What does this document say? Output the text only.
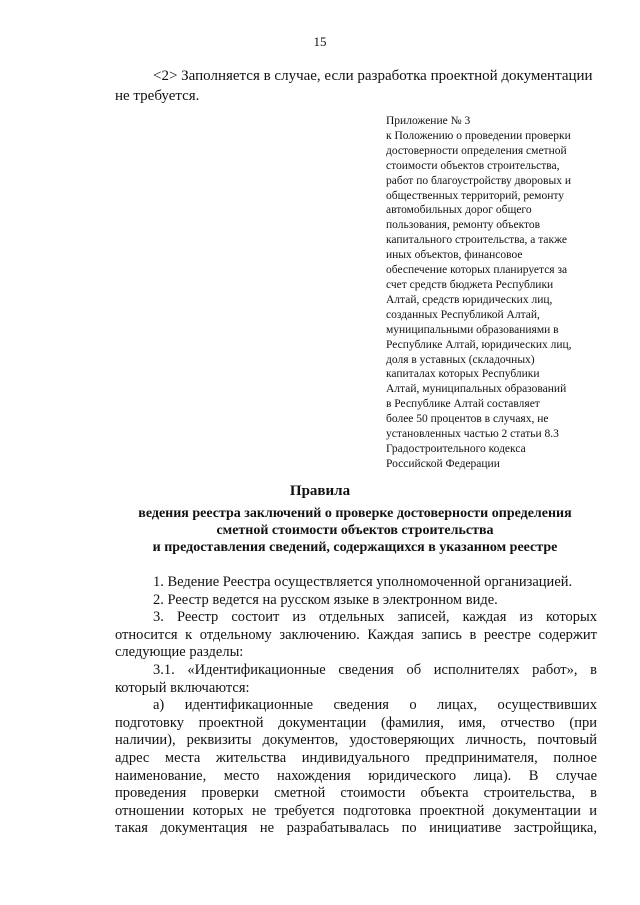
15
<2> Заполняется в случае, если разработка проектной документации
не требуется.
Приложение № 3
к Положению о проведении проверки
достоверности определения сметной
стоимости объектов строительства,
работ по благоустройству дворовых и
общественных территорий, ремонту
автомобильных дорог общего
пользования, ремонту объектов
капитального строительства, а также
иных объектов, финансовое
обеспечение которых планируется за
счет средств бюджета Республики
Алтай, средств юридических лиц,
созданных Республикой Алтай,
муниципальными образованиями в
Республике Алтай, юридических лиц,
доля в уставных (складочных)
капиталах которых Республики
Алтай, муниципальных образований
в Республике Алтай составляет
более 50 процентов в случаях, не
установленных частью 2 статьи 8.3
Градостроительного кодекса
Российской Федерации
Правила
ведения реестра заключений о проверке достоверности определения
сметной стоимости объектов строительства
и предоставления сведений, содержащихся в указанном реестре
1. Ведение Реестра осуществляется уполномоченной организацией.
2. Реестр ведется на русском языке в электронном виде.
3. Реестр состоит из отдельных записей, каждая из которых
относится к отдельному заключению. Каждая запись в реестре содержит
следующие разделы:
3.1. «Идентификационные сведения об исполнителях работ», в
который включаются:
а) идентификационные сведения о лицах, осуществивших
подготовку проектной документации (фамилия, имя, отчество (при
наличии), реквизиты документов, удостоверяющих личность, почтовый
адрес места жительства индивидуального предпринимателя, полное
наименование, место нахождения юридического лица). В случае
проведения проверки сметной стоимости объекта строительства, в
отношении которых не требуется подготовка проектной документации и
такая документация не разрабатывалась по инициативе застройщика,
